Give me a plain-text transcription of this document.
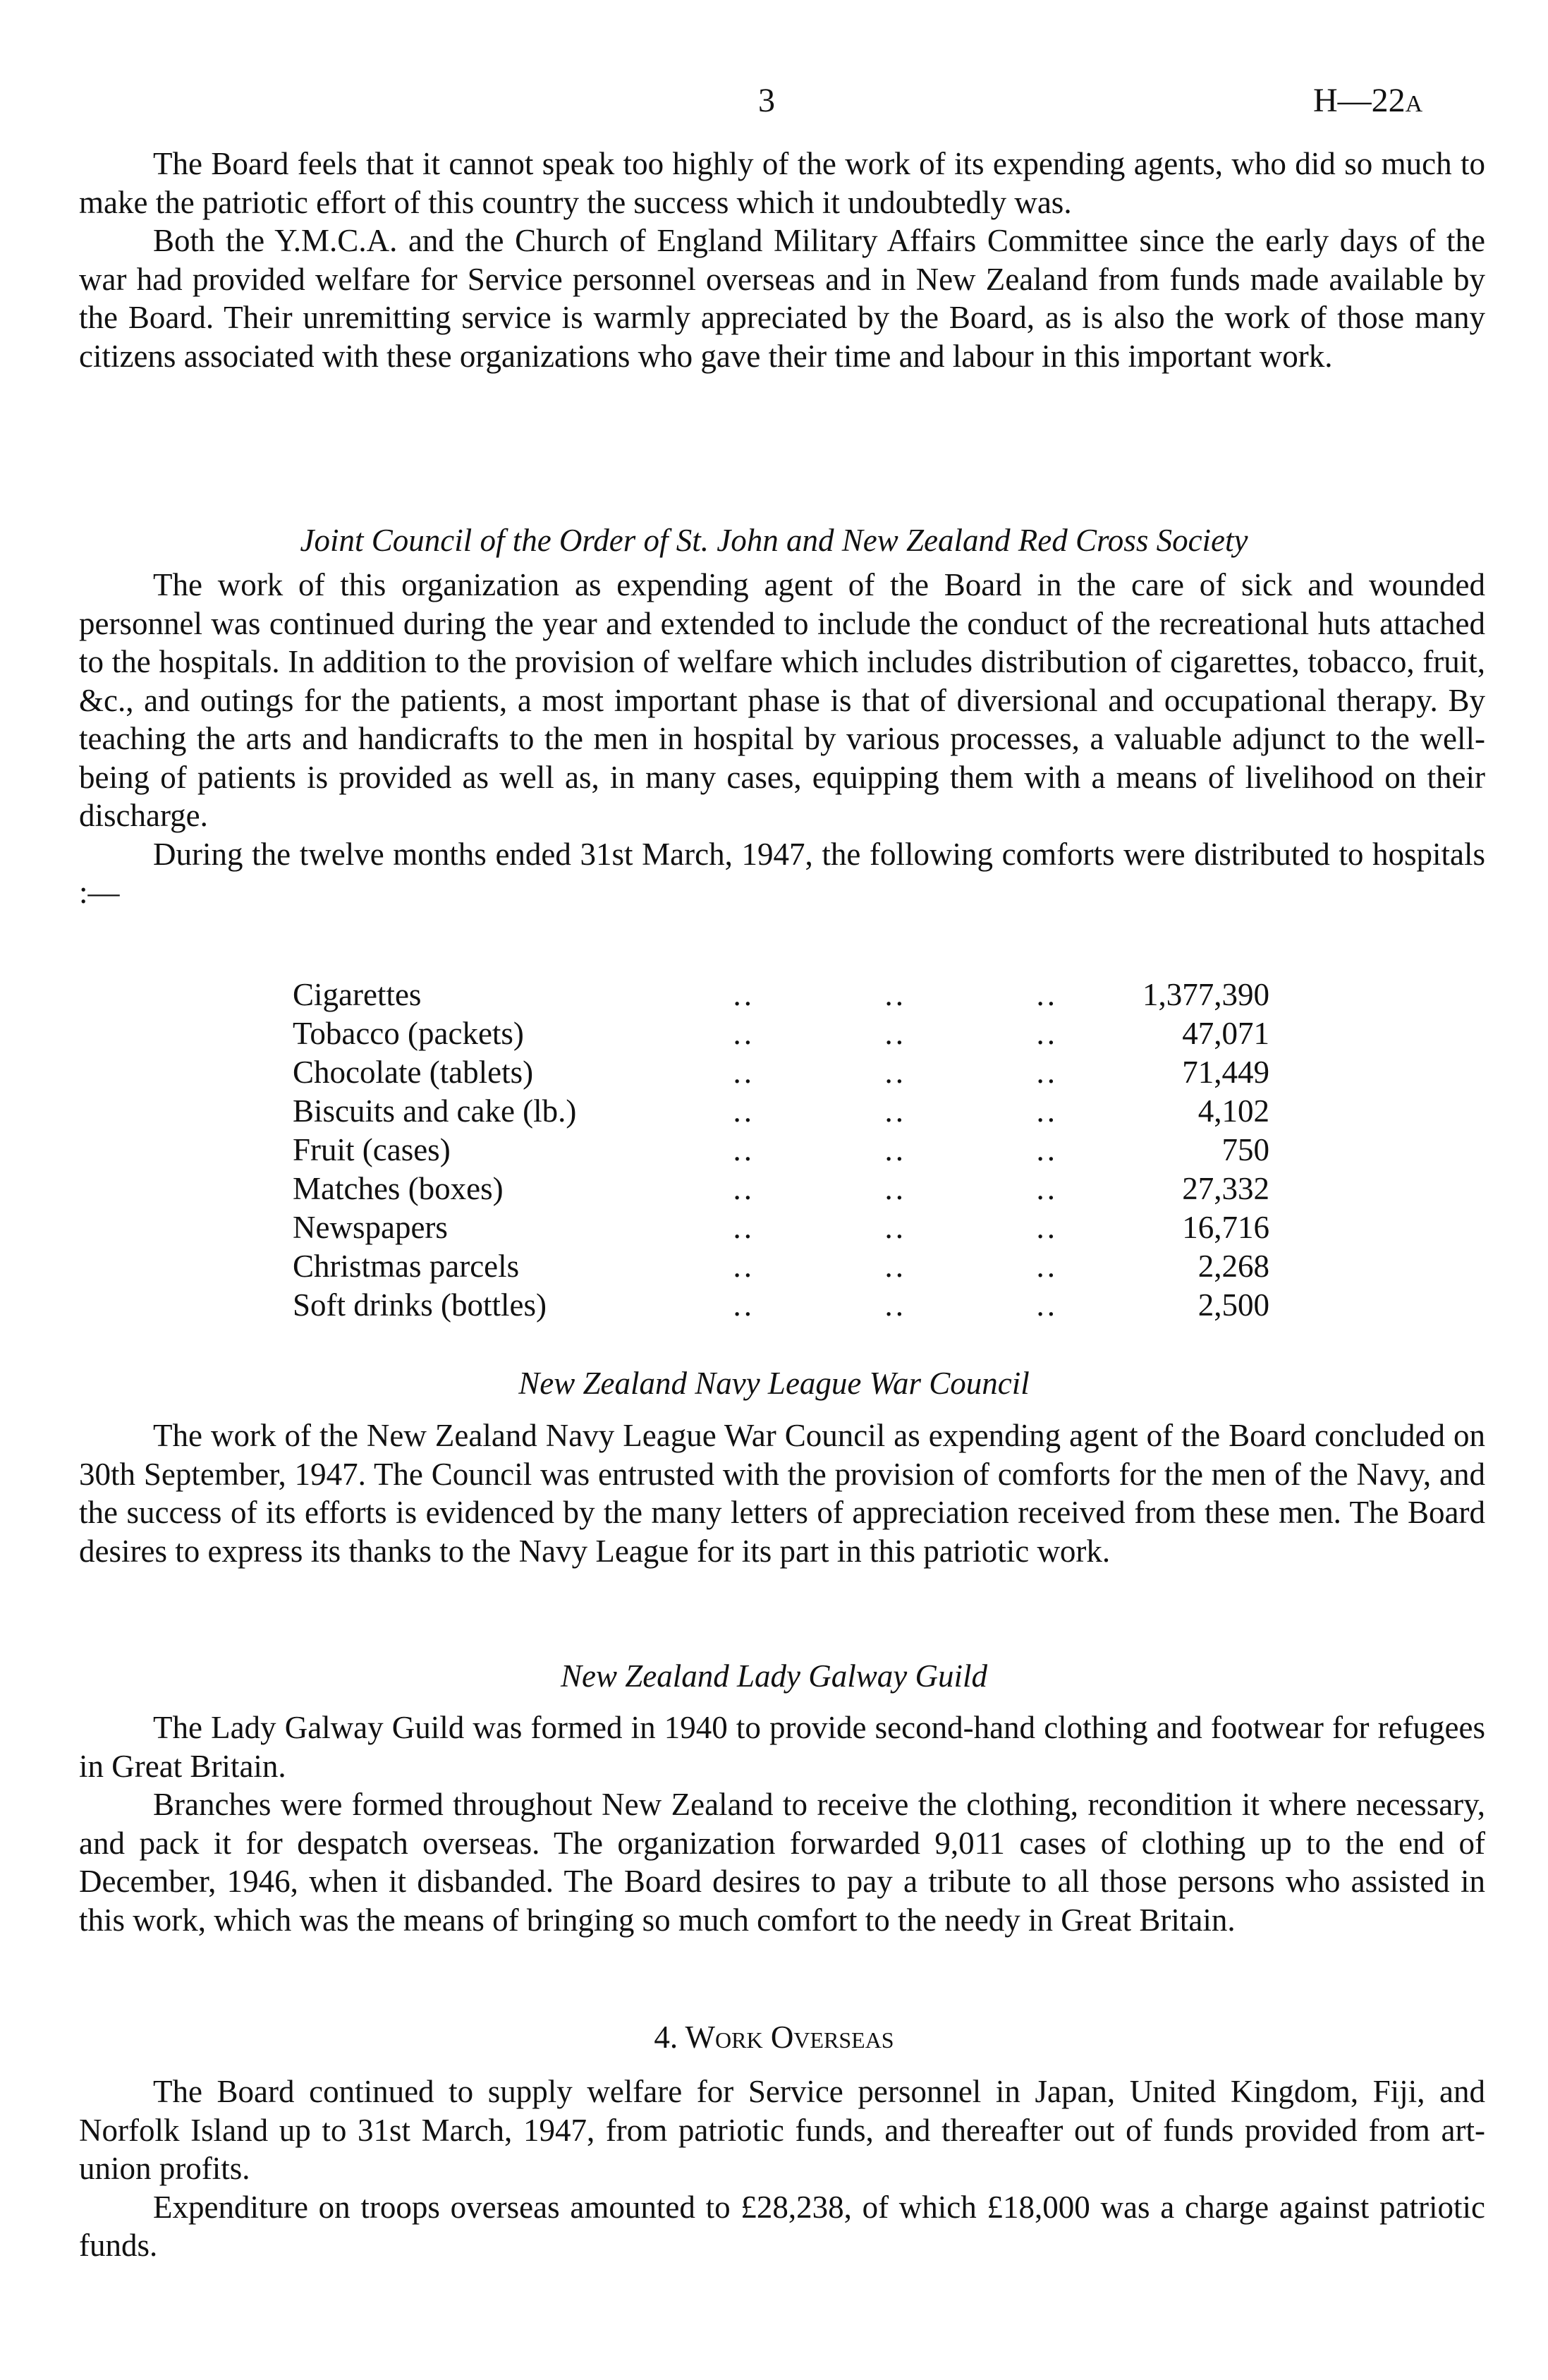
3	H—22A

The Board feels that it cannot speak too highly of the work of its expending agents, who did so much to make the patriotic effort of this country the success which it undoubtedly was.

Both the Y.M.C.A. and the Church of England Military Affairs Committee since the early days of the war had provided welfare for Service personnel overseas and in New Zealand from funds made available by the Board. Their unremitting service is warmly appreciated by the Board, as is also the work of those many citizens associated with these organizations who gave their time and labour in this important work.

Joint Council of the Order of St. John and New Zealand Red Cross Society

The work of this organization as expending agent of the Board in the care of sick and wounded personnel was continued during the year and extended to include the conduct of the recreational huts attached to the hospitals. In addition to the provision of welfare which includes distribution of cigarettes, tobacco, fruit, &c., and outings for the patients, a most important phase is that of diversional and occupational therapy. By teaching the arts and handicrafts to the men in hospital by various processes, a valuable adjunct to the well-being of patients is provided as well as, in many cases, equipping them with a means of livelihood on their discharge.

During the twelve months ended 31st March, 1947, the following comforts were distributed to hospitals :—

Cigarettes	..	..	..	1,377,390
Tobacco (packets)	..	..	..	47,071
Chocolate (tablets)	..	..	..	71,449
Biscuits and cake (lb.)	..	..	..	4,102
Fruit (cases)	..	..	..	750
Matches (boxes)	..	..	..	27,332
Newspapers	..	..	..	16,716
Christmas parcels	..	..	..	2,268
Soft drinks (bottles)	..	..	..	2,500
New Zealand Navy League War Council

The work of the New Zealand Navy League War Council as expending agent of the Board concluded on 30th September, 1947. The Council was entrusted with the provision of comforts for the men of the Navy, and the success of its efforts is evidenced by the many letters of appreciation received from these men. The Board desires to express its thanks to the Navy League for its part in this patriotic work.

New Zealand Lady Galway Guild

The Lady Galway Guild was formed in 1940 to provide second-hand clothing and footwear for refugees in Great Britain.

Branches were formed throughout New Zealand to receive the clothing, recondition it where necessary, and pack it for despatch overseas. The organization forwarded 9,011 cases of clothing up to the end of December, 1946, when it disbanded. The Board desires to pay a tribute to all those persons who assisted in this work, which was the means of bringing so much comfort to the needy in Great Britain.

4. Work Overseas

The Board continued to supply welfare for Service personnel in Japan, United Kingdom, Fiji, and Norfolk Island up to 31st March, 1947, from patriotic funds, and thereafter out of funds provided from art-union profits.

Expenditure on troops overseas amounted to £28,238, of which £18,000 was a charge against patriotic funds.
